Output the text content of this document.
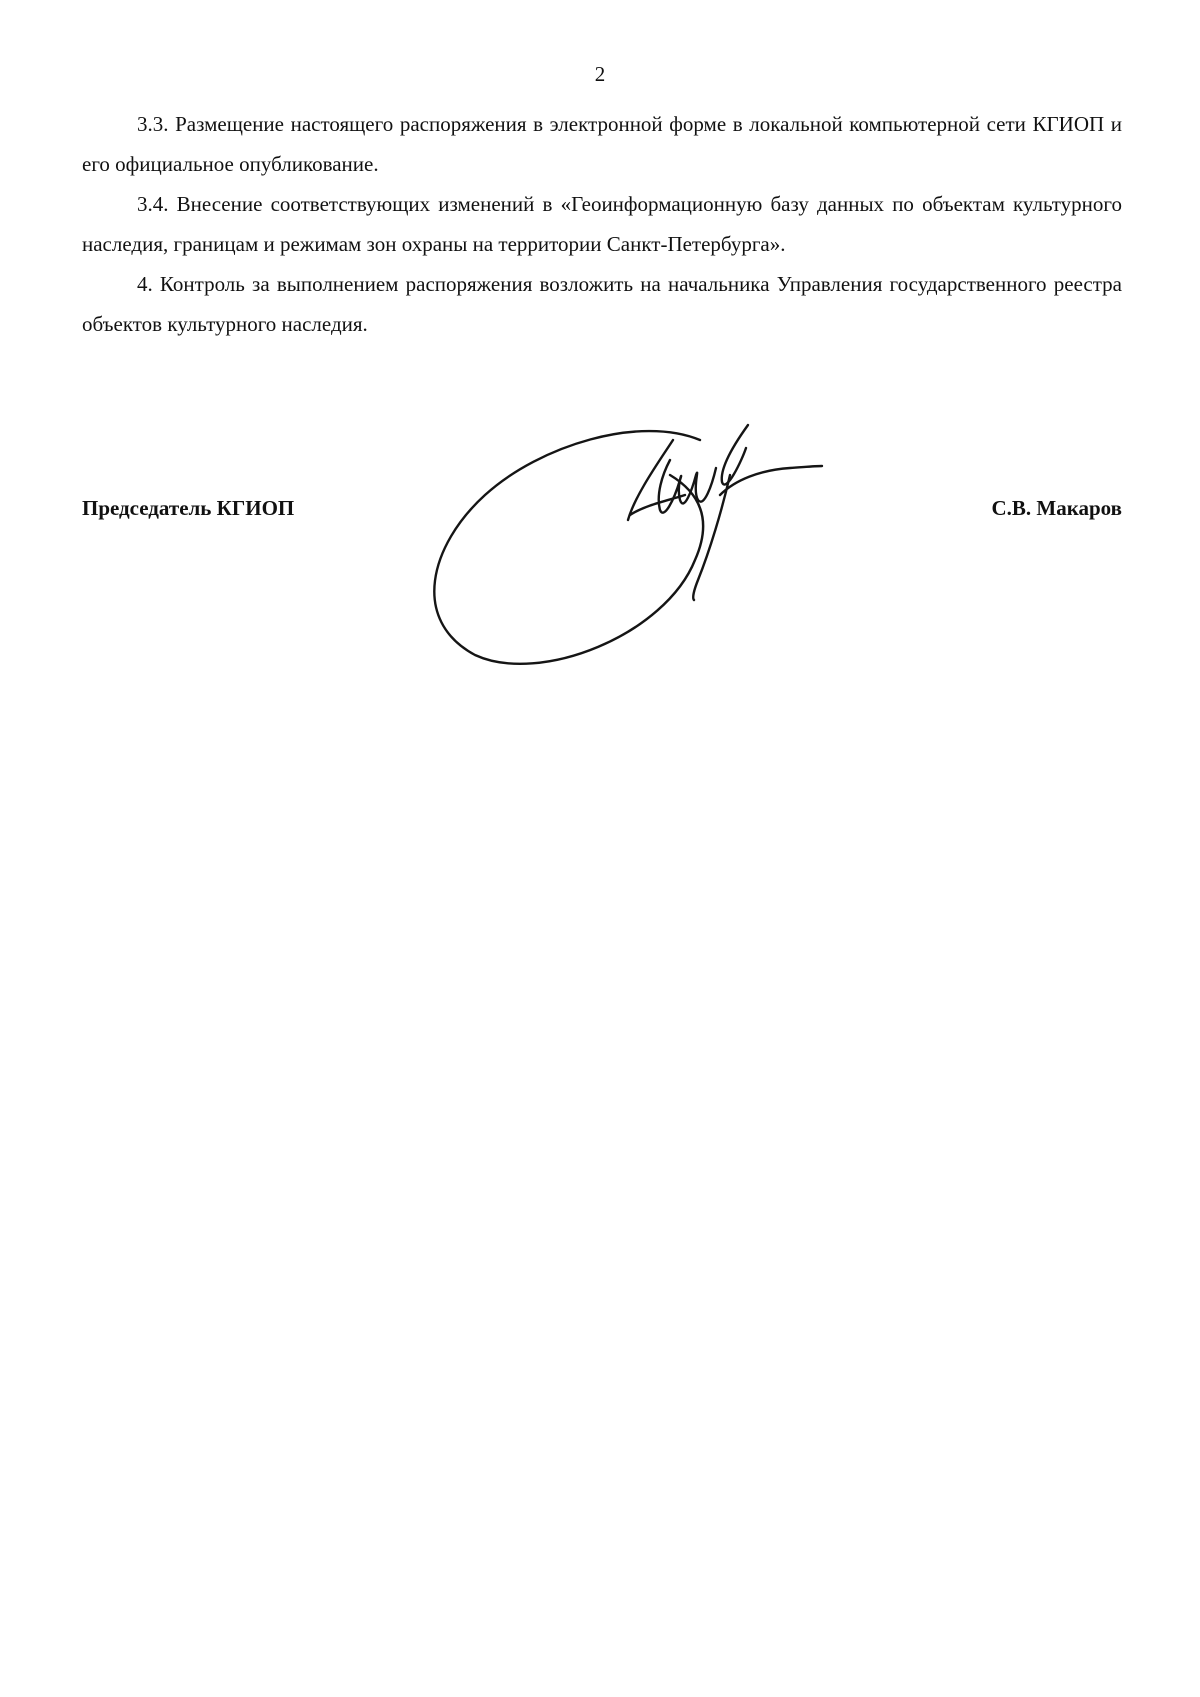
2

3.3. Размещение настоящего распоряжения в электронной форме в локальной компьютерной сети КГИОП и его официальное опубликование.

3.4. Внесение соответствующих изменений в «Геоинформационную базу данных по объектам культурного наследия, границам и режимам зон охраны на территории Санкт-Петербурга».

4. Контроль за выполнением распоряжения возложить на начальника Управления государственного реестра объектов культурного наследия.

Председатель КГИОП	С.В. Макаров
